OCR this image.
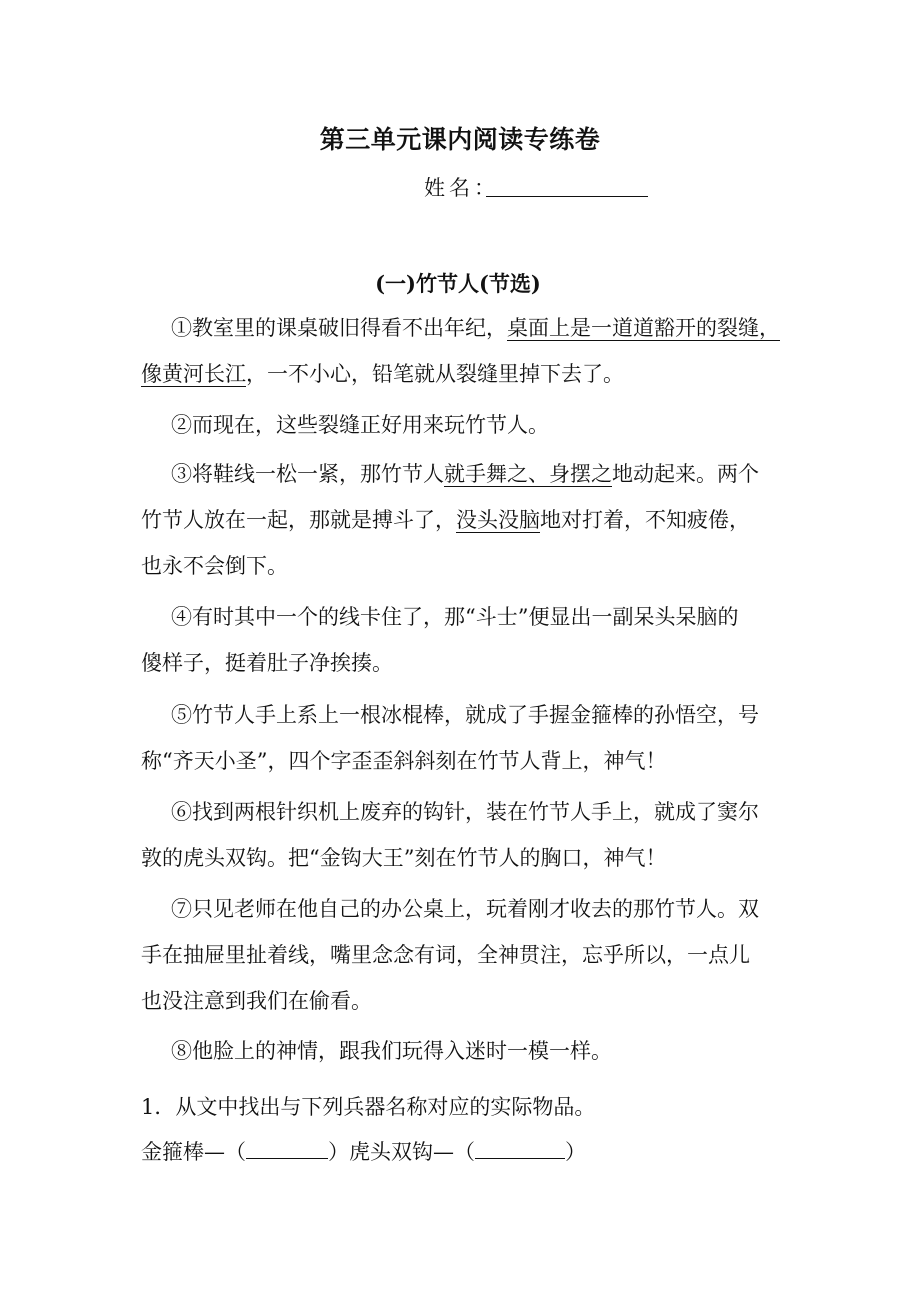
第三单元课内阅读专练卷
姓名：
(一)竹节人(节选)
①教室里的课桌破旧得看不出年纪，桌面上是一道道豁开的裂缝，
像黄河长江，一不小心，铅笔就从裂缝里掉下去了。
②而现在，这些裂缝正好用来玩竹节人。
③将鞋线一松一紧，那竹节人就手舞之、身摆之地动起来。两个
竹节人放在一起，那就是搏斗了，没头没脑地对打着，不知疲倦，
也永不会倒下。
④有时其中一个的线卡住了，那“斗士”便显出一副呆头呆脑的
傻样子，挺着肚子净挨揍。
⑤竹节人手上系上一根冰棍棒，就成了手握金箍棒的孙悟空，号
称“齐天小圣”，四个字歪歪斜斜刻在竹节人背上，神气！
⑥找到两根针织机上废弃的钩针，装在竹节人手上，就成了窦尔
敦的虎头双钩。把“金钩大王”刻在竹节人的胸口，神气！
⑦只见老师在他自己的办公桌上，玩着刚才收去的那竹节人。双
手在抽屉里扯着线，嘴里念念有词，全神贯注，忘乎所以，一点儿
也没注意到我们在偷看。
⑧他脸上的神情，跟我们玩得入迷时一模一样。
1．从文中找出与下列兵器名称对应的实际物品。
金箍棒—（	）虎头双钩—（	）
